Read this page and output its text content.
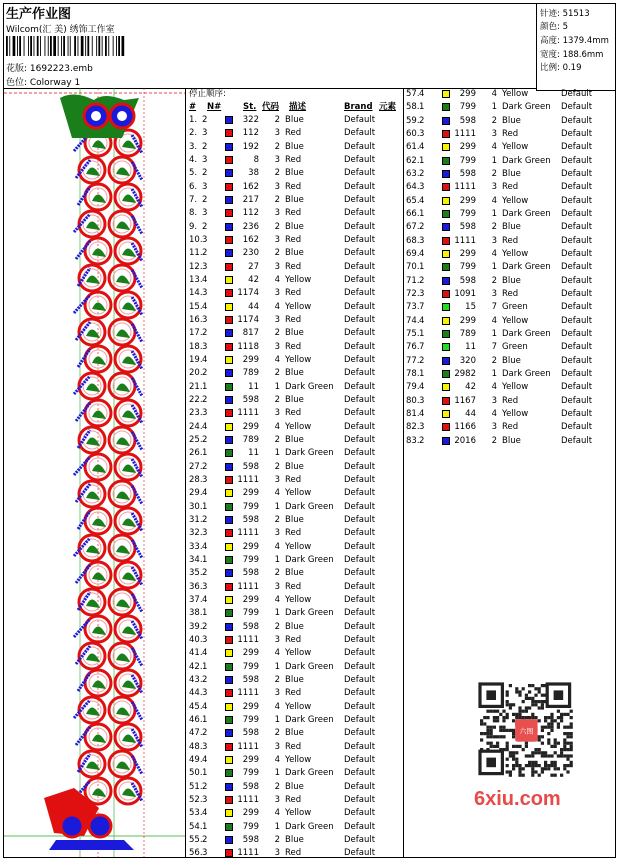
生产作业图
Wilcom(汇 美) 绣饰工作室
花版: 1692223.emb
色位: Colorway 1
针迹: 51513
颜色: 5
高度: 1379.4mm
宽度: 188.6mm
比例: 0.19
停止顺序:
# N#	St. 代码 描述	Brand 元素
1. 2	322 2 Blue	Default
2. 3	112 3 Red	Default
3. 2	192 2 Blue	Default
4. 3	8 3 Red	Default
5. 2	38 2 Blue	Default
6. 3	162 3 Red	Default
7. 2	217 2 Blue	Default
8. 3	112 3 Red	Default
9. 2	236 2 Blue	Default
10. 3	162 3 Red	Default
11. 2	230 2 Blue	Default
12. 3	27 3 Red	Default
13. 4	42 4 Yellow	Default
14. 3	1174 3 Red	Default
15. 4	44 4 Yellow	Default
16. 3	1174 3 Red	Default
17. 2	817 2 Blue	Default
18. 3	1118 3 Red	Default
19. 4	299 4 Yellow	Default
20. 2	789 2 Blue	Default
21. 1	11 1 Dark Green Default
22. 2	598 2 Blue	Default
23. 3	1111 3 Red	Default
24. 4	299 4 Yellow	Default
25. 2	789 2 Blue	Default
26. 1	11 1 Dark Green Default
27. 2	598 2 Blue	Default
28. 3	1111 3 Red	Default
29. 4	299 4 Yellow	Default
30. 1	799 1 Dark Green Default
31. 2	598 2 Blue	Default
32. 3	1111 3 Red	Default
33. 4	299 4 Yellow	Default
34. 1	799 1 Dark Green Default
35. 2	598 2 Blue	Default
36. 3	1111 3 Red	Default
37. 4	299 4 Yellow	Default
38. 1	799 1 Dark Green Default
39. 2	598 2 Blue	Default
40. 3	1111 3 Red	Default
41. 4	299 4 Yellow	Default
42. 1	799 1 Dark Green Default
43. 2	598 2 Blue	Default
44. 3	1111 3 Red	Default
45. 4	299 4 Yellow	Default
46. 1	799 1 Dark Green Default
47. 2	598 2 Blue	Default
48. 3	1111 3 Red	Default
49. 4	299 4 Yellow	Default
50. 1	799 1 Dark Green Default
51. 2	598 2 Blue	Default
52. 3	1111 3 Red	Default
53. 4	299 4 Yellow	Default
54. 1	799 1 Dark Green Default
55. 2	598 2 Blue	Default
56. 3	1111 3 Red	Default
57. 4	299 4 Yellow	Default
58. 1	799 1 Dark Green Default
59. 2	598 2 Blue	Default
60. 3	1111 3 Red	Default
61. 4	299 4 Yellow	Default
62. 1	799 1 Dark Green Default
63. 2	598 2 Blue	Default
64. 3	1111 3 Red	Default
65. 4	299 4 Yellow	Default
66. 1	799 1 Dark Green Default
67. 2	598 2 Blue	Default
68. 3	1111 3 Red	Default
69. 4	299 4 Yellow	Default
70. 1	799 1 Dark Green Default
71. 2	598 2 Blue	Default
72. 3	1091 3 Red	Default
73. 7	15 7 Green	Default
74. 4	299 4 Yellow	Default
75. 1	789 1 Dark Green Default
76. 7	11 7 Green	Default
77. 2	320 2 Blue	Default
78. 1	2982 1 Dark Green Default
79. 4	42 4 Yellow	Default
80. 3	1167 3 Red	Default
81. 4	44 4 Yellow	Default
82. 3	1166 3 Red	Default
83. 2	2016 2 Blue	Default
六图
6xiu.com
